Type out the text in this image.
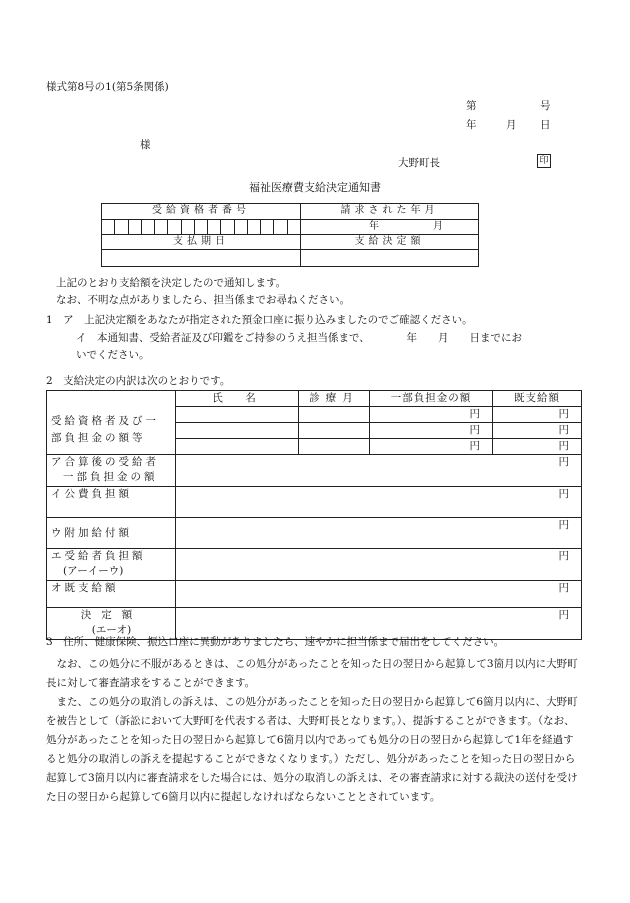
様式第8号の1(第5条関係)
第	号
年	月 日
様
大野町長	印
福祉医療費支給決定通知書
受給資格者番号	請求された年月

	年 月

支払期日	支給決定額

上記のとおり支給額を決定したので通知します。
なお、不明な点がありましたら、担当係までお尋ねください。
1　ア　上記決定額をあなたが指定された預金口座に振り込みましたのでご確認ください。
イ　本通知書、受給者証及び印鑑をご持参のうえ担当係まで、　　　　年　　月　　日までにお
いでください。
2　支給決定の内訳は次のとおりです。
	氏　名	診療月	一部負担金の額	既支給額
受給資格者及び一部負担金の額等			円	円
			円	円
			円	円

ア合算後の受給者
一部負担金の額	円			
イ公費負担額	円			
ウ附加給付額	円			

エ受給者負担額
(アーイーウ)	円			
オ既支給額	円			

決定額
(エーオ)	円			
3　住所、健康保険、振込口座に異動がありましたら、速やかに担当係まで届出をしてください。

　なお、この処分に不服があるときは、この処分があったことを知った日の翌日から起算して3箇月以内に大野町長に対して審査請求をすることができます。

　また、この処分の取消しの訴えは、この処分があったことを知った日の翌日から起算して6箇月以内に、大野町を被告として（訴訟において大野町を代表する者は、大野町長となります。）、提訴することができます。（なお、処分があったことを知った日の翌日から起算して6箇月以内であっても処分の日の翌日から起算して1年を経過すると処分の取消しの訴えを提起することができなくなります。）ただし、処分があったことを知った日の翌日から起算して3箇月以内に審査請求をした場合には、処分の取消しの訴えは、その審査請求に対する裁決の送付を受けた日の翌日から起算して6箇月以内に提起しなければならないこととされています。
